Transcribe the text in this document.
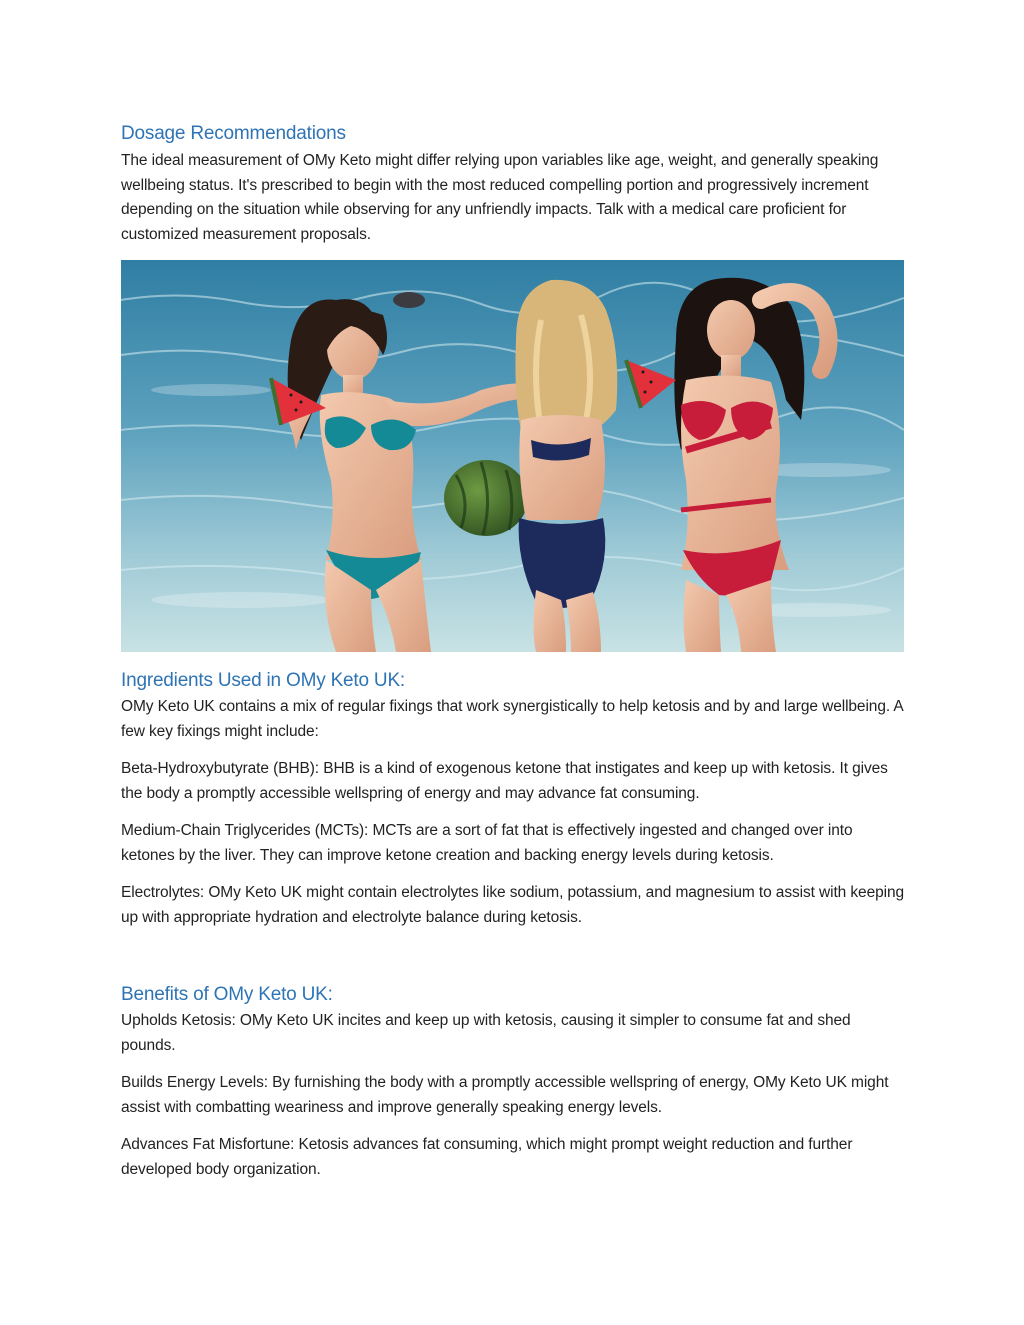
Dosage Recommendations

The ideal measurement of OMy Keto might differ relying upon variables like age, weight, and generally speaking wellbeing status. It's prescribed to begin with the most reduced compelling portion and progressively increment depending on the situation while observing for any unfriendly impacts. Talk with a medical care proficient for customized measurement proposals.

Ingredients Used in OMy Keto UK:

OMy Keto UK contains a mix of regular fixings that work synergistically to help ketosis and by and large wellbeing. A few key fixings might include:

Beta-Hydroxybutyrate (BHB): BHB is a kind of exogenous ketone that instigates and keep up with ketosis. It gives the body a promptly accessible wellspring of energy and may advance fat consuming.

Medium-Chain Triglycerides (MCTs): MCTs are a sort of fat that is effectively ingested and changed over into ketones by the liver. They can improve ketone creation and backing energy levels during ketosis.

Electrolytes: OMy Keto UK might contain electrolytes like sodium, potassium, and magnesium to assist with keeping up with appropriate hydration and electrolyte balance during ketosis.

Benefits of OMy Keto UK:

Upholds Ketosis: OMy Keto UK incites and keep up with ketosis, causing it simpler to consume fat and shed pounds.

Builds Energy Levels: By furnishing the body with a promptly accessible wellspring of energy, OMy Keto UK might assist with combatting weariness and improve generally speaking energy levels.

Advances Fat Misfortune: Ketosis advances fat consuming, which might prompt weight reduction and further developed body organization.
